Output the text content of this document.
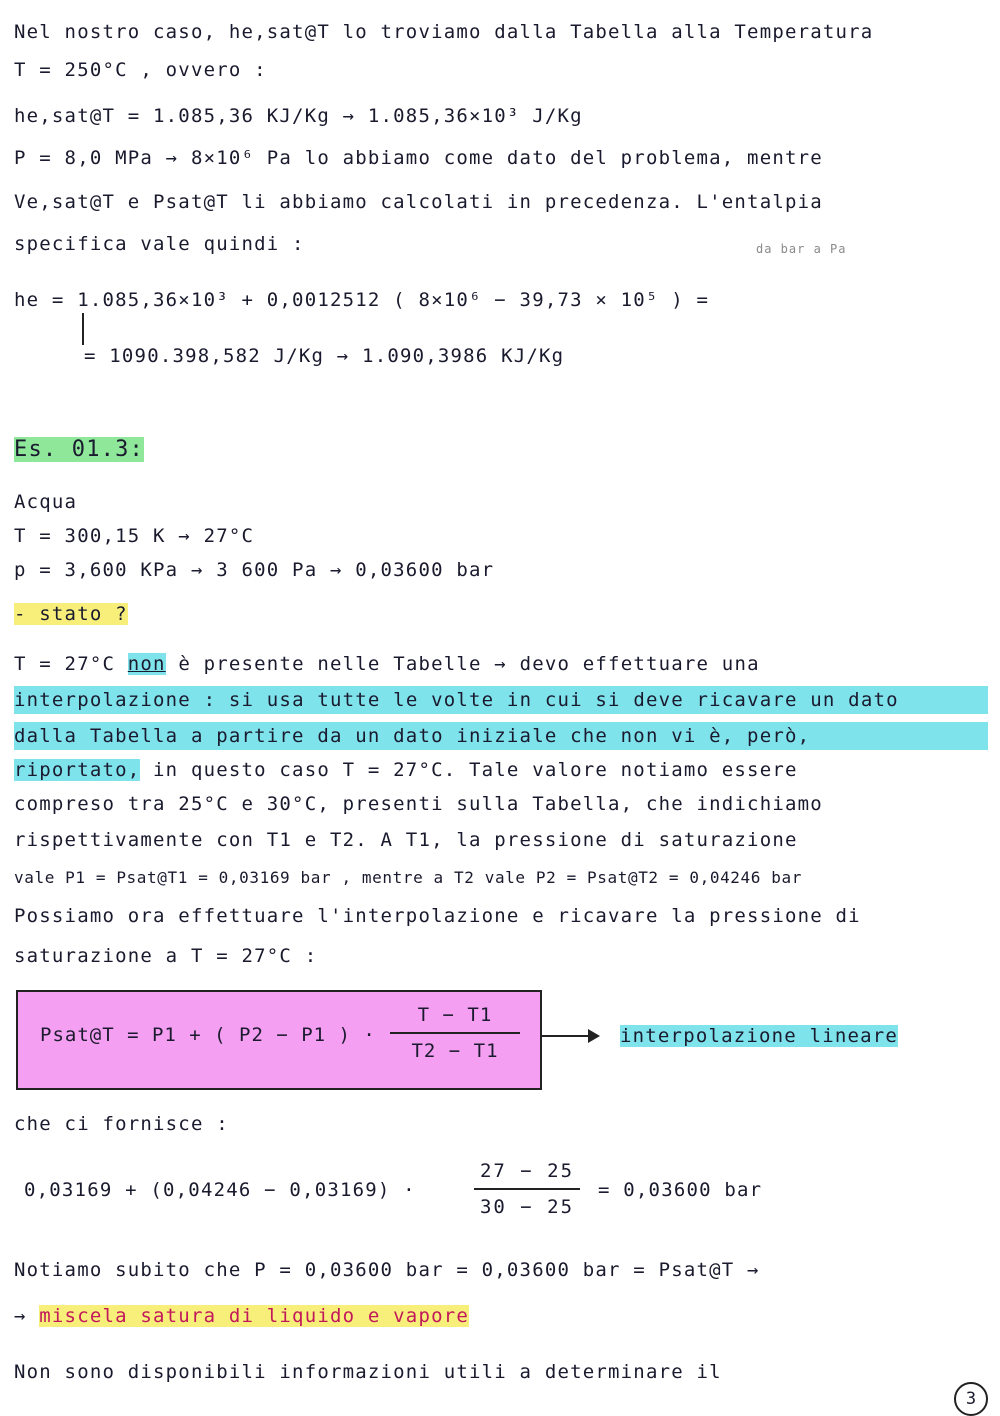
Nel nostro caso, he,sat@T lo troviamo dalla Tabella alla Temperatura
T = 250°C , ovvero :
he,sat@T = 1.085,36 KJ/Kg → 1.085,36×10³ J/Kg
P = 8,0 MPa → 8×10⁶ Pa lo abbiamo come dato del problema, mentre
Ve,sat@T e Psat@T li abbiamo calcolati in precedenza. L'entalpia
specifica vale quindi :	da bar a Pa
he = 1.085,36×10³ + 0,0012512 ( 8×10⁶ − 39,73 × 10⁵ ) =
= 1090.398,582 J/Kg → 1.090,3986 KJ/Kg
Es. 01.3:
Acqua
T = 300,15 K → 27°C
p = 3,600 KPa → 3 600 Pa → 0,03600 bar
- stato ?
T = 27°C non è presente nelle Tabelle → devo effettuare una
interpolazione : si usa tutte le volte in cui si deve ricavare un dato
dalla Tabella a partire da un dato iniziale che non vi è, però,
riportato, in questo caso T = 27°C. Tale valore notiamo essere
compreso tra 25°C e 30°C, presenti sulla Tabella, che indichiamo
rispettivamente con T1 e T2. A T1, la pressione di saturazione
vale P1 = Psat@T1 = 0,03169 bar , mentre a T2 vale P2 = Psat@T2 = 0,04246 bar
Possiamo ora effettuare l'interpolazione e ricavare la pressione di
saturazione a T = 27°C :
Psat@T = P1 + ( P2 − P1 ) ·
T − T1
T2 − T1
interpolazione lineare
che ci fornisce :
0,03169 + (0,04246 − 0,03169) ·
27 − 25
30 − 25
= 0,03600 bar
Notiamo subito che P = 0,03600 bar = 0,03600 bar = Psat@T →
→ miscela satura di liquido e vapore
Non sono disponibili informazioni utili a determinare il
3
